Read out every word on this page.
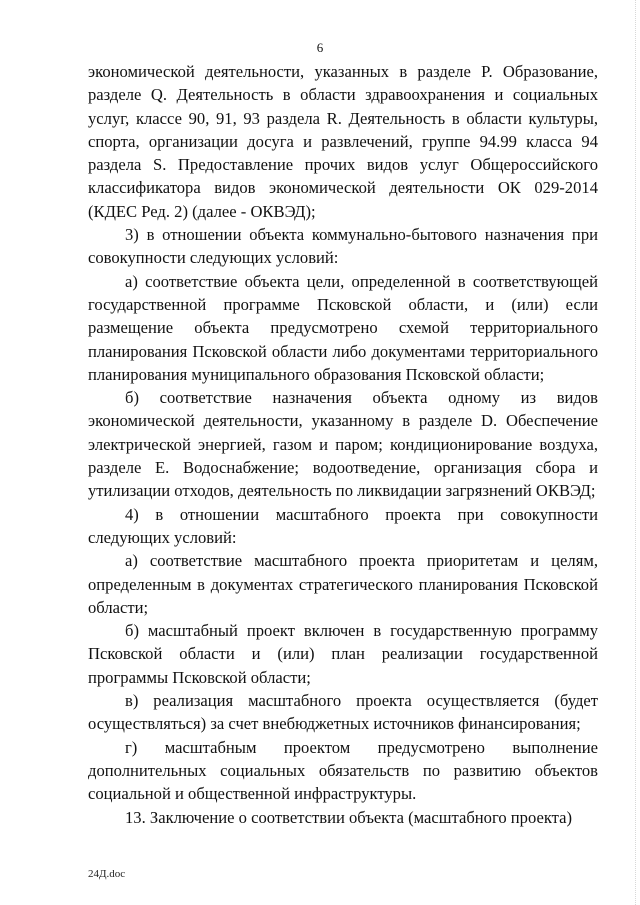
6

экономической деятельности, указанных в разделе P. Образование, разделе Q. Деятельность в области здравоохранения и социальных услуг, классе 90, 91, 93 раздела R. Деятельность в области культуры, спорта, организации досуга и развлечений, группе 94.99 класса 94 раздела S. Предоставление прочих видов услуг Общероссийского классификатора видов экономической деятельности ОК 029-2014 (КДЕС Ред. 2) (далее - ОКВЭД);

3) в отношении объекта коммунально-бытового назначения при совокупности следующих условий:

а) соответствие объекта цели, определенной в соответствующей государственной программе Псковской области, и (или) если размещение объекта предусмотрено схемой территориального планирования Псковской области либо документами территориального планирования муниципального образования Псковской области;

б) соответствие назначения объекта одному из видов экономической деятельности, указанному в разделе D. Обеспечение электрической энергией, газом и паром; кондиционирование воздуха, разделе E. Водоснабжение; водоотведение, организация сбора и утилизации отходов, деятельность по ликвидации загрязнений ОКВЭД;

4) в отношении масштабного проекта при совокупности следующих условий:

а) соответствие масштабного проекта приоритетам и целям, определенным в документах стратегического планирования Псковской области;

б) масштабный проект включен в государственную программу Псковской области и (или) план реализации государственной программы Псковской области;

в) реализация масштабного проекта осуществляется (будет осуществляться) за счет внебюджетных источников финансирования;

г) масштабным проектом предусмотрено выполнение дополнительных социальных обязательств по развитию объектов социальной и общественной инфраструктуры.

13. Заключение о соответствии объекта (масштабного проекта)

24Д.doc
